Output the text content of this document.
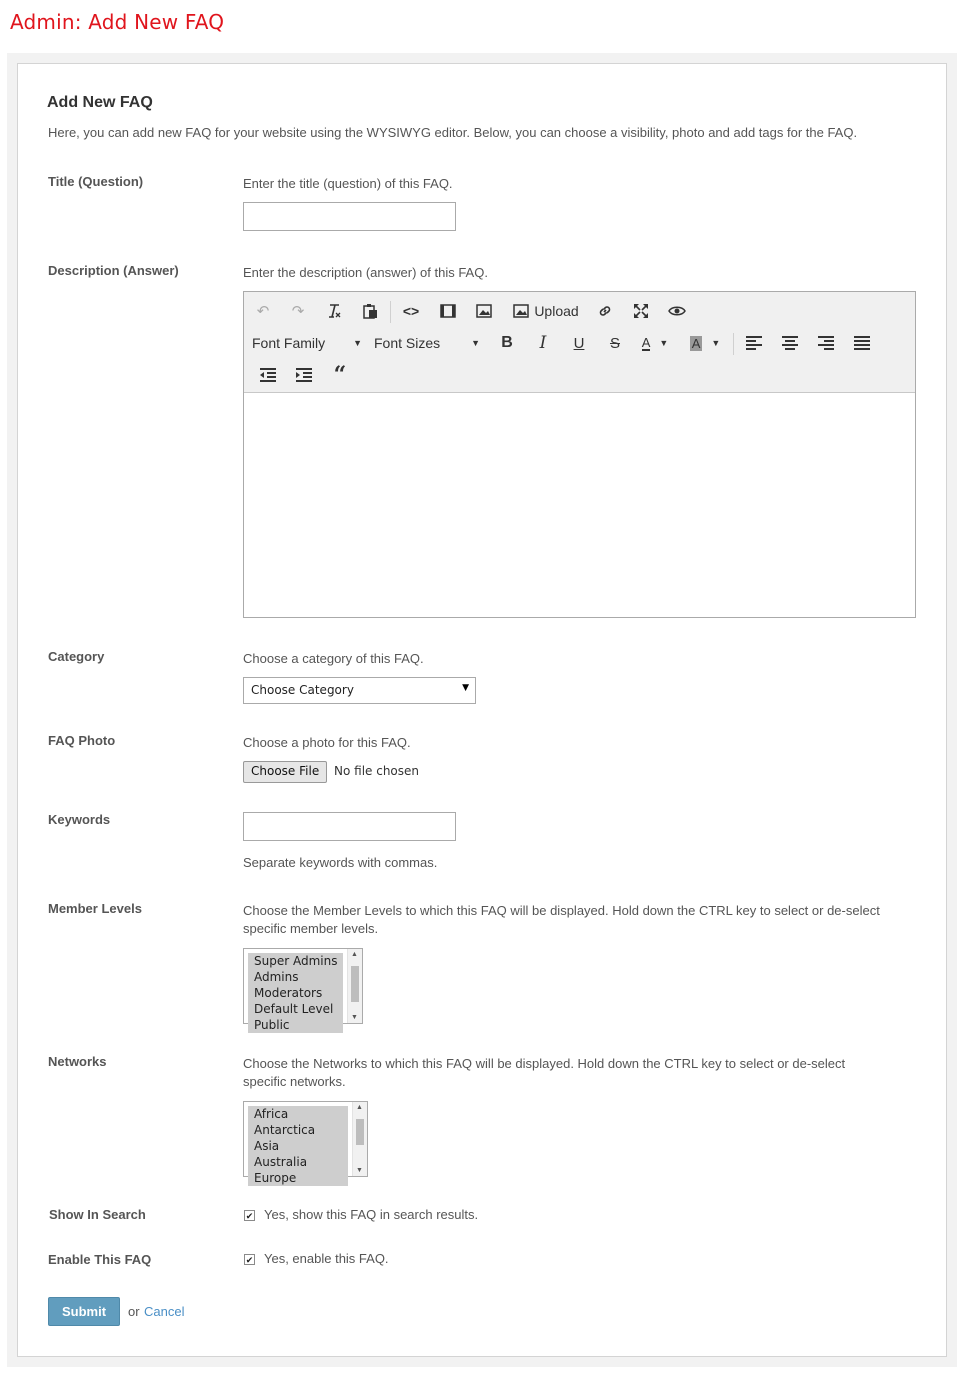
Admin: Add New FAQ
Add New FAQ

Here, you can add new FAQ for your website using the WYSIWYG editor. Below, you can choose a visibility, photo and add tags for the FAQ.

Title (Question)	Enter the title (question) of this FAQ.
Description (Answer)	Enter the description (answer) of this FAQ.
↶	↷	<>	Upload
Font Family	▼ Font Sizes	▼	B	I	U	S	A ▼ A ▼
“
Category	Choose a category of this FAQ.
Choose Category	▼
FAQ Photo	Choose a photo for this FAQ.
Choose File	No file chosen
Keywords
Separate keywords with commas.
Member Levels	Choose the Member Levels to which this FAQ will be displayed. Hold down the CTRL key to select or de-select specific member levels.
Super Admins
Admins
Moderators
Default Level
Public
▲
▼
Networks	Choose the Networks to which this FAQ will be displayed. Hold down the CTRL key to select or de-select specific networks.
Africa
Antarctica
Asia
Australia
Europe
▲
▼
Show In Search	✔ Yes, show this FAQ in search results.
Enable This FAQ	✔ Yes, enable this FAQ.
Submit	or Cancel
